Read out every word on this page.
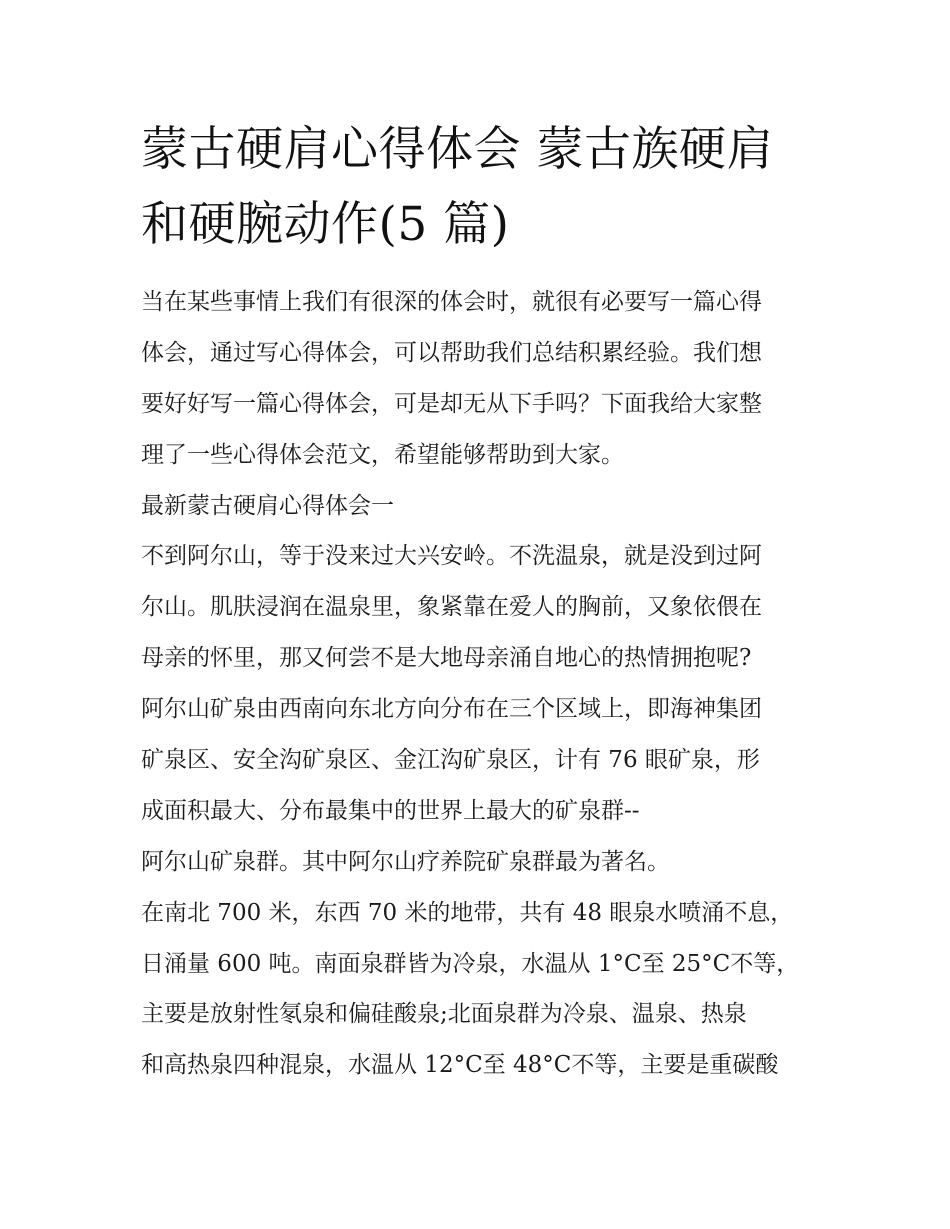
蒙古硬肩心得体会 蒙古族硬肩
和硬腕动作(5 篇)
当在某些事情上我们有很深的体会时，就很有必要写一篇心得
体会，通过写心得体会，可以帮助我们总结积累经验。我们想
要好好写一篇心得体会，可是却无从下手吗？下面我给大家整
理了一些心得体会范文，希望能够帮助到大家。
最新蒙古硬肩心得体会一
不到阿尔山，等于没来过大兴安岭。不洗温泉，就是没到过阿
尔山。肌肤浸润在温泉里，象紧靠在爱人的胸前，又象依偎在
母亲的怀里，那又何尝不是大地母亲涌自地心的热情拥抱呢?
阿尔山矿泉由西南向东北方向分布在三个区域上，即海神集团
矿泉区、安全沟矿泉区、金江沟矿泉区，计有 76 眼矿泉，形
成面积最大、分布最集中的世界上最大的矿泉群--
阿尔山矿泉群。其中阿尔山疗养院矿泉群最为著名。
在南北 700 米，东西 70 米的地带，共有 48 眼泉水喷涌不息，
日涌量 600 吨。南面泉群皆为冷泉，水温从 1°C至 25°C不等，
主要是放射性氡泉和偏硅酸泉;北面泉群为冷泉、温泉、热泉
和高热泉四种混泉，水温从 12°C至 48°C不等，主要是重碳酸
